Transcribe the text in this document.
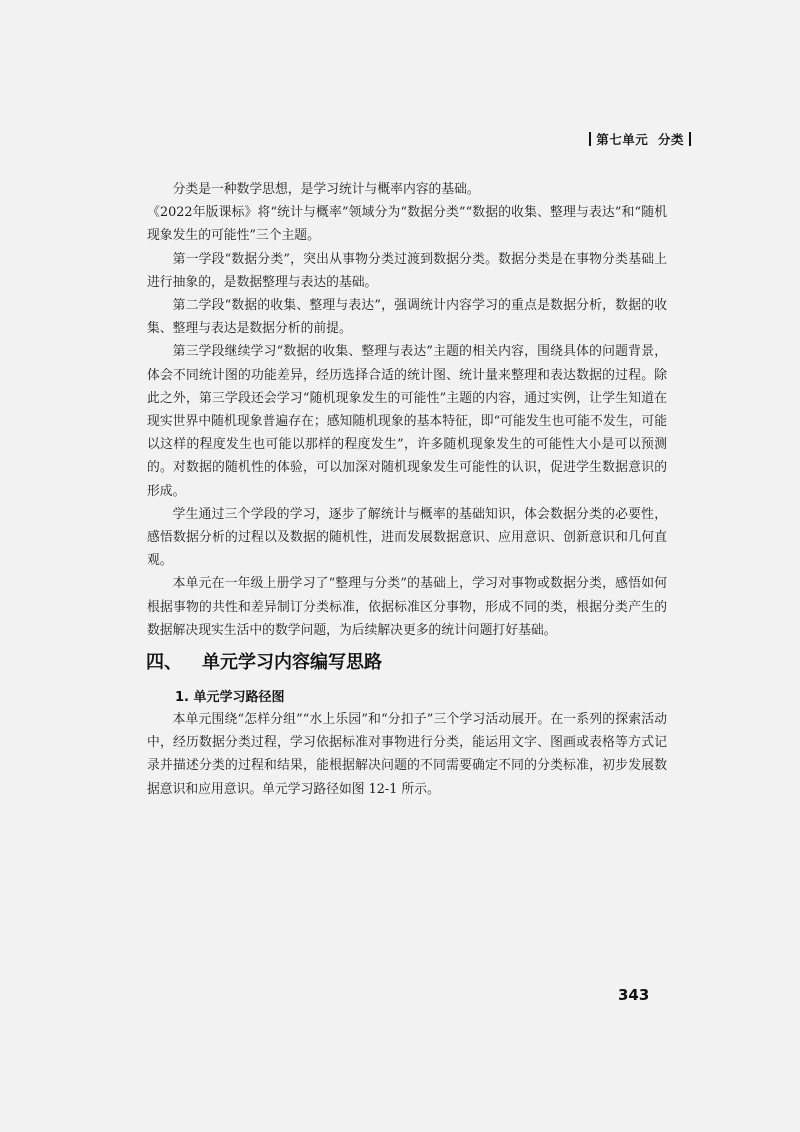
第七单元 分类

分类是一种数学思想，是学习统计与概率内容的基础。

《2022年版课标》将“统计与概率”领域分为“数据分类”“数据的收集、整理与表达”和“随机现象发生的可能性”三个主题。

第一学段“数据分类”，突出从事物分类过渡到数据分类。数据分类是在事物分类基础上进行抽象的，是数据整理与表达的基础。

第二学段“数据的收集、整理与表达”，强调统计内容学习的重点是数据分析，数据的收集、整理与表达是数据分析的前提。

第三学段继续学习“数据的收集、整理与表达”主题的相关内容，围绕具体的问题背景，体会不同统计图的功能差异，经历选择合适的统计图、统计量来整理和表达数据的过程。除此之外，第三学段还会学习“随机现象发生的可能性”主题的内容，通过实例，让学生知道在现实世界中随机现象普遍存在；感知随机现象的基本特征，即“可能发生也可能不发生，可能以这样的程度发生也可能以那样的程度发生”，许多随机现象发生的可能性大小是可以预测的。对数据的随机性的体验，可以加深对随机现象发生可能性的认识，促进学生数据意识的形成。

学生通过三个学段的学习，逐步了解统计与概率的基础知识，体会数据分类的必要性，感悟数据分析的过程以及数据的随机性，进而发展数据意识、应用意识、创新意识和几何直观。

本单元在一年级上册学习了“整理与分类”的基础上，学习对事物或数据分类，感悟如何根据事物的共性和差异制订分类标准，依据标准区分事物，形成不同的类，根据分类产生的数据解决现实生活中的数学问题，为后续解决更多的统计问题打好基础。

四、 单元学习内容编写思路
1. 单元学习路径图

本单元围绕“怎样分组”“水上乐园”和“分扣子”三个学习活动展开。在一系列的探索活动中，经历数据分类过程，学习依据标准对事物进行分类，能运用文字、图画或表格等方式记录并描述分类的过程和结果，能根据解决问题的不同需要确定不同的分类标准，初步发展数据意识和应用意识。单元学习路径如图 12-1 所示。

343
